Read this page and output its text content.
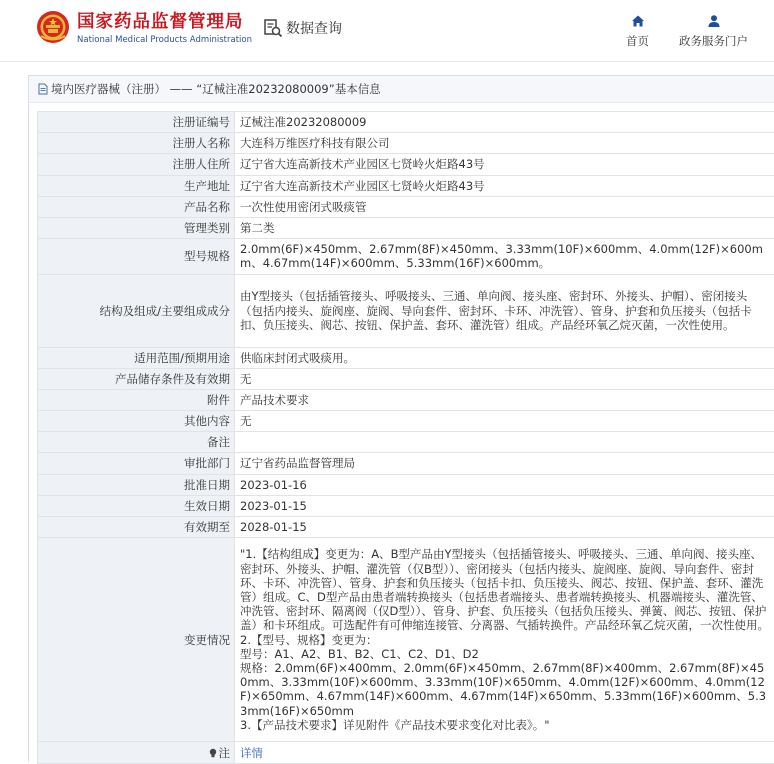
国家药品监督管理局
National Medical Products Administration
数据查询
首页	政务服务门户
境内医疗器械（注册） —— “辽械注准20232080009”基本信息
注册证编号	辽械注准20232080009
注册人名称	大连科万维医疗科技有限公司
注册人住所	辽宁省大连高新技术产业园区七贤岭火炬路43号
生产地址	辽宁省大连高新技术产业园区七贤岭火炬路43号
产品名称	一次性使用密闭式吸痰管
管理类别	第二类
型号规格	2.0mm(6F)×450mm、2.67mm(8F)×450mm、3.33mm(10F)×600mm、4.0mm(12F)×600mm、4.67mm(14F)×600mm、5.33mm(16F)×600mm。
结构及组成/主要组成成分	由Y型接头（包括插管接头、呼吸接头、三通、单向阀、接头座、密封环、外接头、护帽）、密闭接头（包括内接头、旋阀座、旋阀、导向套件、密封环、卡环、冲洗管）、管身、护套和负压接头（包括卡扣、负压接头、阀芯、按钮、保护盖、套环、灌洗管）组成。产品经环氧乙烷灭菌，一次性使用。
适用范围/预期用途	供临床封闭式吸痰用。
产品储存条件及有效期	无
附件	产品技术要求
其他内容	无
备注	
审批部门	辽宁省药品监督管理局
批准日期	2023-01-16
生效日期	2023-01-15
有效期至	2028-01-15
变更情况	"1.【结构组成】变更为：A、B型产品由Y型接头（包括插管接头、呼吸接头、三通、单向阀、接头座、密封环、外接头、护帽、灌洗管（仅B型））、密闭接头（包括内接头、旋阀座、旋阀、导向套件、密封环、卡环、冲洗管）、管身、护套和负压接头（包括卡扣、负压接头、阀芯、按钮、保护盖、套环、灌洗管）组成。C、D型产品由患者端转换接头（包括患者端接头、患者端转换接头、机器端接头、灌洗管、冲洗管、密封环、隔离阀（仅D型））、管身、护套、负压接头（包括负压接头、弹簧、阀芯、按钮、保护盖）和卡环组成。可选配件有可伸缩连接管、分离器、气插转换件。产品经环氧乙烷灭菌，一次性使用。
2.【型号、规格】变更为：
型号：A1、A2、B1、B2、C1、C2、D1、D2
规格：2.0mm(6F)×400mm、2.0mm(6F)×450mm、2.67mm(8F)×400mm、2.67mm(8F)×450mm、3.33mm(10F)×600mm、3.33mm(10F)×650mm、4.0mm(12F)×600mm、4.0mm(12F)×650mm、4.67mm(14F)×600mm、4.67mm(14F)×650mm、5.33mm(16F)×600mm、5.33mm(16F)×650mm
3.【产品技术要求】详见附件《产品技术要求变化对比表》。"

注	详情
